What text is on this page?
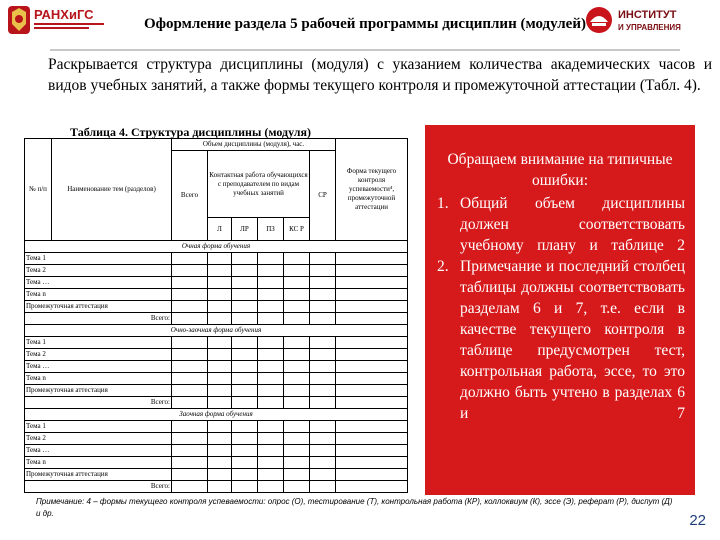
РАНХиГС	ИНСТИТУТ
И УПРАВЛЕНИЯ
Оформление раздела 5 рабочей программы дисциплин (модулей)
Раскрывается структура дисциплины (модуля) с указанием количества академических часов и видов учебных занятий, а также формы текущего контроля и промежуточной аттестации (Табл. 4).
Таблица 4. Структура дисциплины (модуля)
№ п/п	Наименование тем (разделов)	Объем дисциплины (модуля), час.						Форма текущего контроля успеваемости⁴, промежуточной аттестации
		Всего	Контактная работа обучающихся с преподавателем по видам учебных занятий				СР	
			Л	ЛР	ПЗ	КС Р		
Очная форма обучения								
Тема 1								
Тема 2								
Тема …								
Тема n								
Промежуточная аттестация								
Всего:								
Очно-заочная форма обучения								
Тема 1								
Тема 2								
Тема …								
Тема n								
Промежуточная аттестация								
Всего:								
Заочная форма обучения								
Тема 1								
Тема 2								
Тема …								
Тема n								
Промежуточная аттестация								
Всего:								
Примечание: 4 – формы текущего контроля успеваемости: опрос (О), тестирование (Т), контрольная работа (КР), коллоквиум (К), эссе (Э), реферат (Р), диспут (Д) и др.
Обращаем внимание на типичные ошибки:
1. Общий объем дисциплины должен соответствовать учебному плану и таблице 2
2. Примечание и последний столбец таблицы должны соответствовать разделам 6 и 7, т.е. если в качестве текущего контроля в таблице предусмотрен тест, контрольная работа, эссе, то это должно быть учтено в разделах 6 и 7
22
